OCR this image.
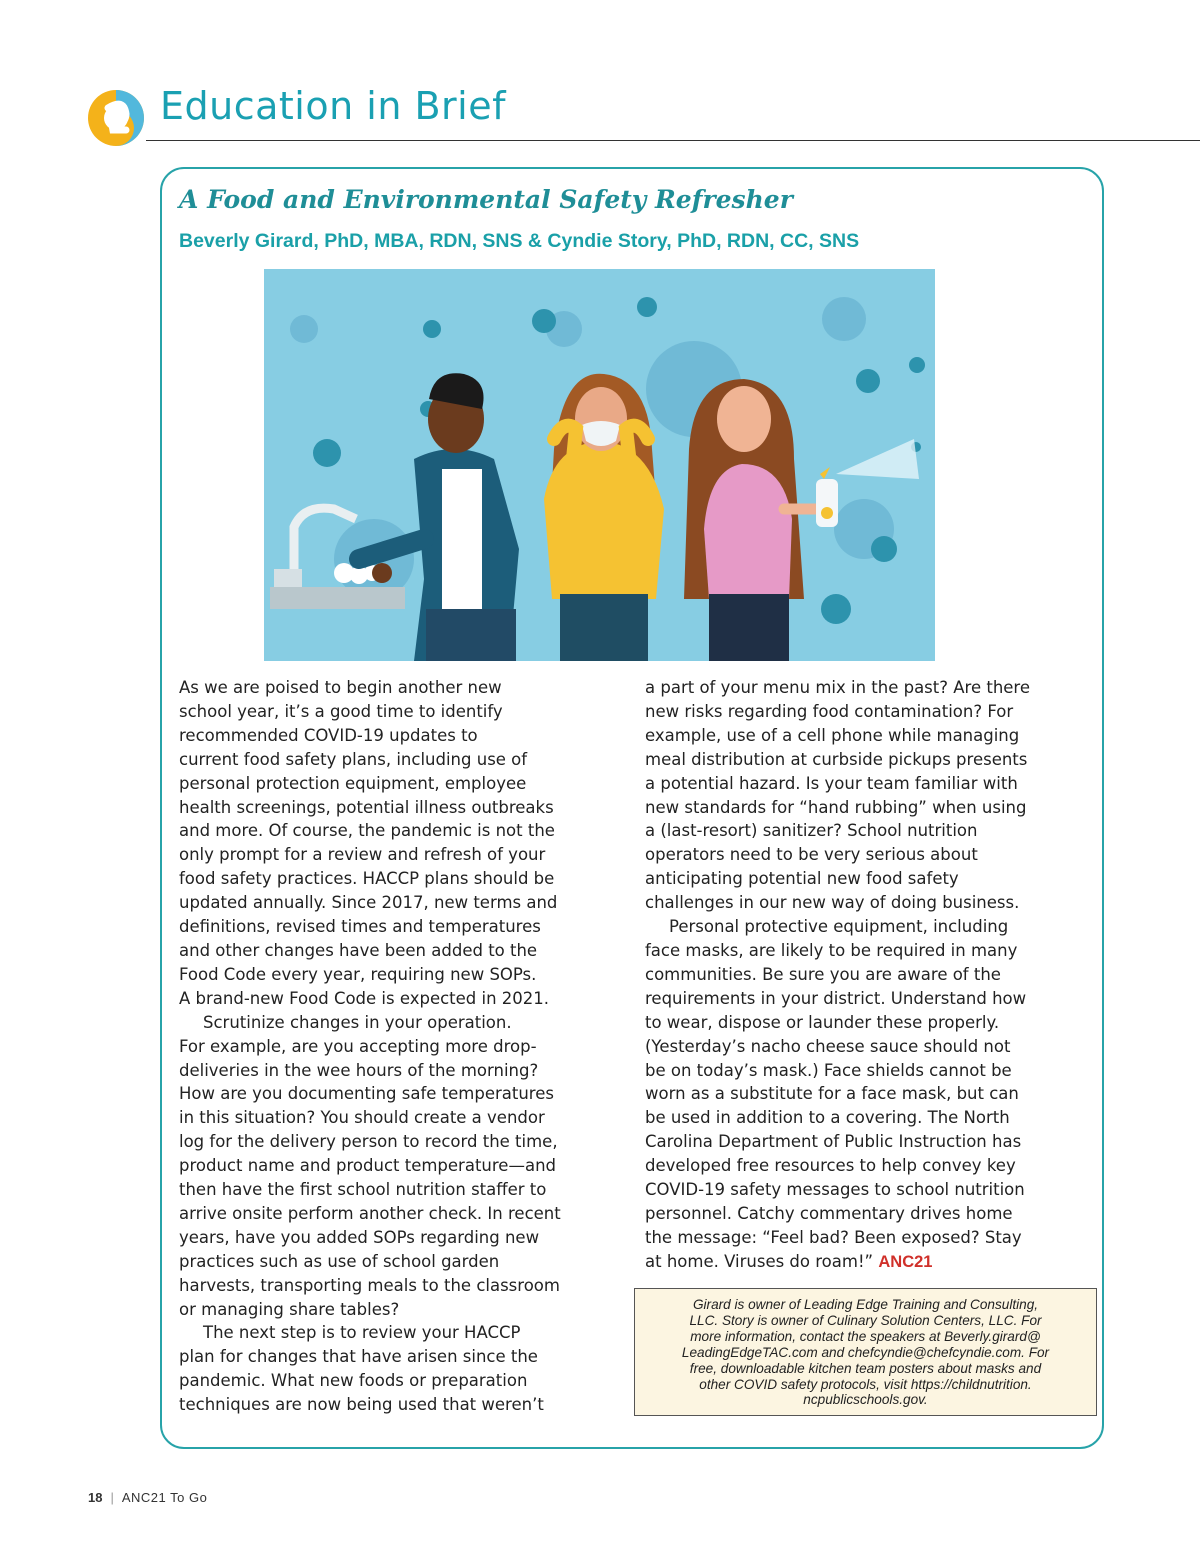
Education in Brief
A Food and Environmental Safety Refresher

Beverly Girard, PhD, MBA, RDN, SNS & Cyndie Story, PhD, RDN, CC, SNS

As we are poised to begin another new
school year, it’s a good time to identify
recommended COVID-19 updates to
current food safety plans, including use of
personal protection equipment, employee
health screenings, potential illness outbreaks
and more. Of course, the pandemic is not the
only prompt for a review and refresh of your
food safety practices. HACCP plans should be
updated annually. Since 2017, new terms and
definitions, revised times and temperatures
and other changes have been added to the
Food Code every year, requiring new SOPs.
A brand-new Food Code is expected in 2021.
Scrutinize changes in your operation.
For example, are you accepting more drop-
deliveries in the wee hours of the morning?
How are you documenting safe temperatures
in this situation? You should create a vendor
log for the delivery person to record the time,
product name and product temperature—and
then have the first school nutrition staffer to
arrive onsite perform another check. In recent
years, have you added SOPs regarding new
practices such as use of school garden
harvests, transporting meals to the classroom
or managing share tables?
The next step is to review your HACCP
plan for changes that have arisen since the
pandemic. What new foods or preparation
techniques are now being used that weren’t
a part of your menu mix in the past? Are there
new risks regarding food contamination? For
example, use of a cell phone while managing
meal distribution at curbside pickups presents
a potential hazard. Is your team familiar with
new standards for “hand rubbing” when using
a (last-resort) sanitizer? School nutrition
operators need to be very serious about
anticipating potential new food safety
challenges in our new way of doing business.
Personal protective equipment, including
face masks, are likely to be required in many
communities. Be sure you are aware of the
requirements in your district. Understand how
to wear, dispose or launder these properly.
(Yesterday’s nacho cheese sauce should not
be on today’s mask.) Face shields cannot be
worn as a substitute for a face mask, but can
be used in addition to a covering. The North
Carolina Department of Public Instruction has
developed free resources to help convey key
COVID-19 safety messages to school nutrition
personnel. Catchy commentary drives home
the message: “Feel bad? Been exposed? Stay
at home. Viruses do roam!” ANC21
Girard is owner of Leading Edge Training and Consulting,
LLC. Story is owner of Culinary Solution Centers, LLC. For
more information, contact the speakers at Beverly.girard@
LeadingEdgeTAC.com and chefcyndie@chefcyndie.com. For
free, downloadable kitchen team posters about masks and
other COVID safety protocols, visit https://childnutrition.
ncpublicschools.gov.
18 | ANC21 To Go
